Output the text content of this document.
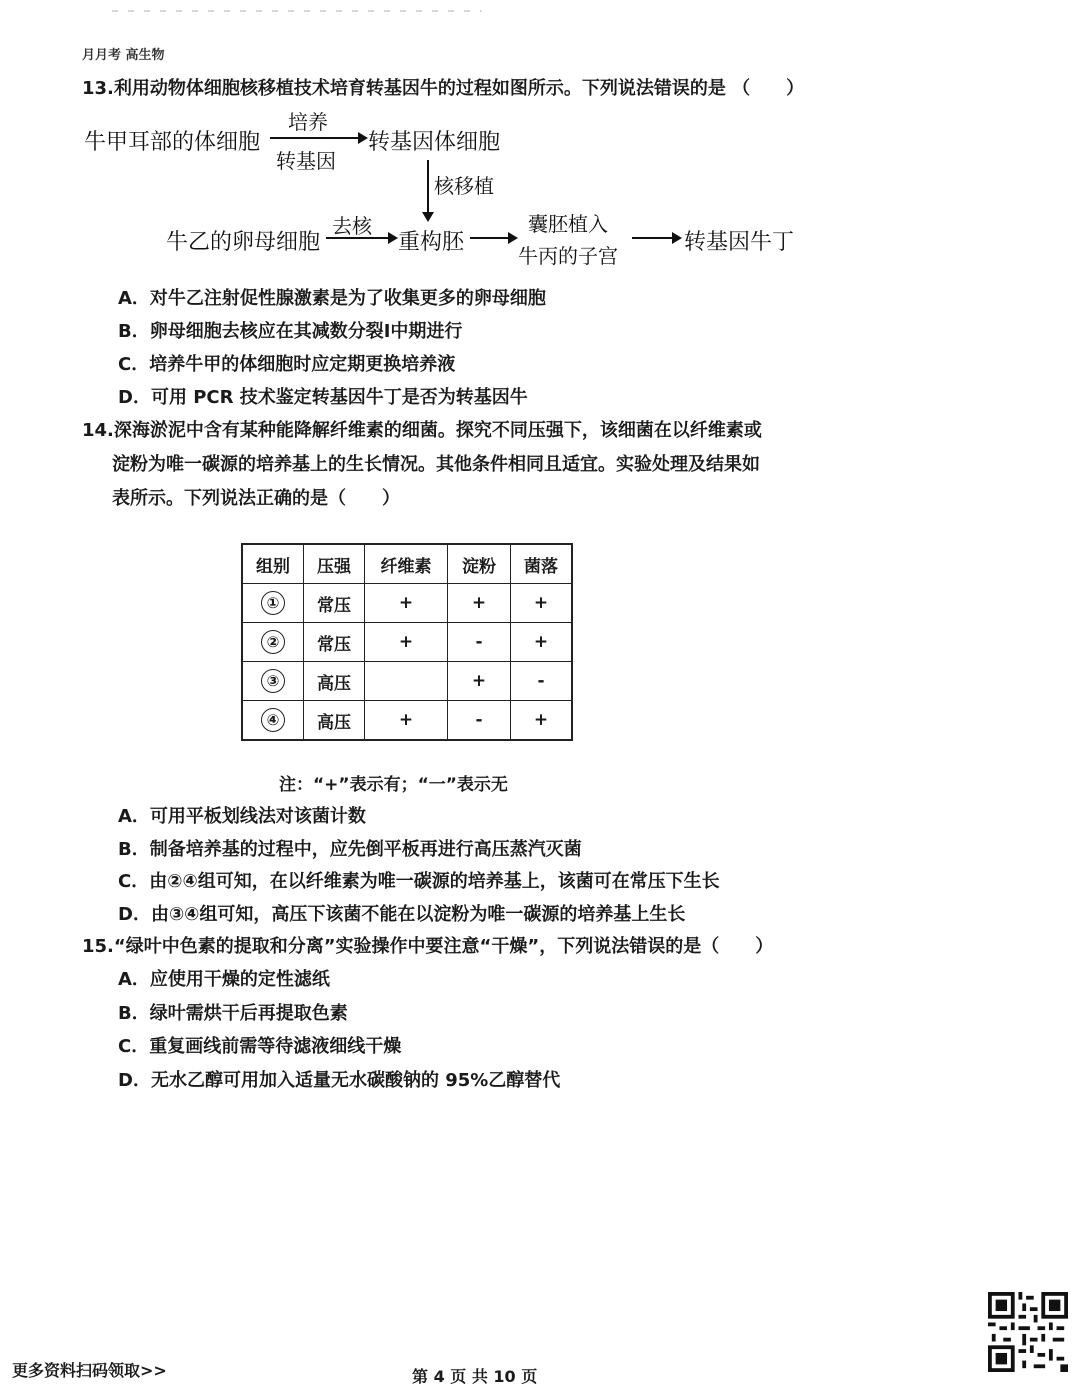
月月考 高生物
13.利用动物体细胞核移植技术培育转基因牛的过程如图所示。下列说法错误的是 （　　）
牛甲耳部的体细胞
培养
转基因
转基因体细胞
核移植
牛乙的卵母细胞
去核
重构胚
囊胚植入
牛丙的子宫
转基因牛丁
A．对牛乙注射促性腺激素是为了收集更多的卵母细胞
B．卵母细胞去核应在其减数分裂Ⅰ中期进行
C．培养牛甲的体细胞时应定期更换培养液
D．可用 PCR 技术鉴定转基因牛丁是否为转基因牛
14.深海淤泥中含有某种能降解纤维素的细菌。探究不同压强下，该细菌在以纤维素或
淀粉为唯一碳源的培养基上的生长情况。其他条件相同且适宜。实验处理及结果如
表所示。下列说法正确的是（　　）
组别	压强	纤维素	淀粉	菌落
①	常压	+	+	+
②	常压	+	-	+
③	高压		+	-
④	高压	+	-	+
注：“+”表示有；“一”表示无
A．可用平板划线法对该菌计数
B．制备培养基的过程中，应先倒平板再进行高压蒸汽灭菌
C．由②④组可知，在以纤维素为唯一碳源的培养基上，该菌可在常压下生长
D．由③④组可知，高压下该菌不能在以淀粉为唯一碳源的培养基上生长
15.“绿叶中色素的提取和分离”实验操作中要注意“干燥”，下列说法错误的是（　　）
A．应使用干燥的定性滤纸
B．绿叶需烘干后再提取色素
C．重复画线前需等待滤液细线干燥
D．无水乙醇可用加入适量无水碳酸钠的 95%乙醇替代
更多资料扫码领取>>	第 4 页 共 10 页
